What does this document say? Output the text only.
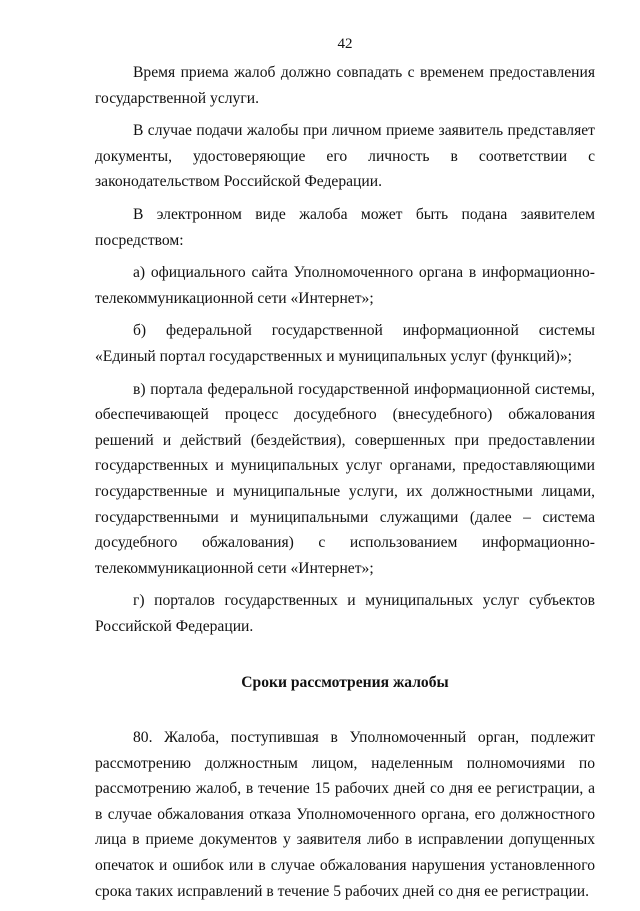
42

Время приема жалоб должно совпадать с временем предоставления государственной услуги.

В случае подачи жалобы при личном приеме заявитель представляет документы, удостоверяющие его личность в соответствии с законодательством Российской Федерации.

В электронном виде жалоба может быть подана заявителем посредством:

а) официального сайта Уполномоченного органа в информационно-телекоммуникационной сети «Интернет»;

б) федеральной государственной информационной системы «Единый портал государственных и муниципальных услуг (функций)»;

в) портала федеральной государственной информационной системы, обеспечивающей процесс досудебного (внесудебного) обжалования решений и действий (бездействия), совершенных при предоставлении государственных и муниципальных услуг органами, предоставляющими государственные и муниципальные услуги, их должностными лицами, государственными и муниципальными служащими (далее – система досудебного обжалования) с использованием информационно-телекоммуникационной сети «Интернет»;

г) порталов государственных и муниципальных услуг субъектов Российской Федерации.

Сроки рассмотрения жалобы

80. Жалоба, поступившая в Уполномоченный орган, подлежит рассмотрению должностным лицом, наделенным полномочиями по рассмотрению жалоб, в течение 15 рабочих дней со дня ее регистрации, а в случае обжалования отказа Уполномоченного органа, его должностного лица в приеме документов у заявителя либо в исправлении допущенных опечаток и ошибок или в случае обжалования нарушения установленного срока таких исправлений в течение 5 рабочих дней со дня ее регистрации.
